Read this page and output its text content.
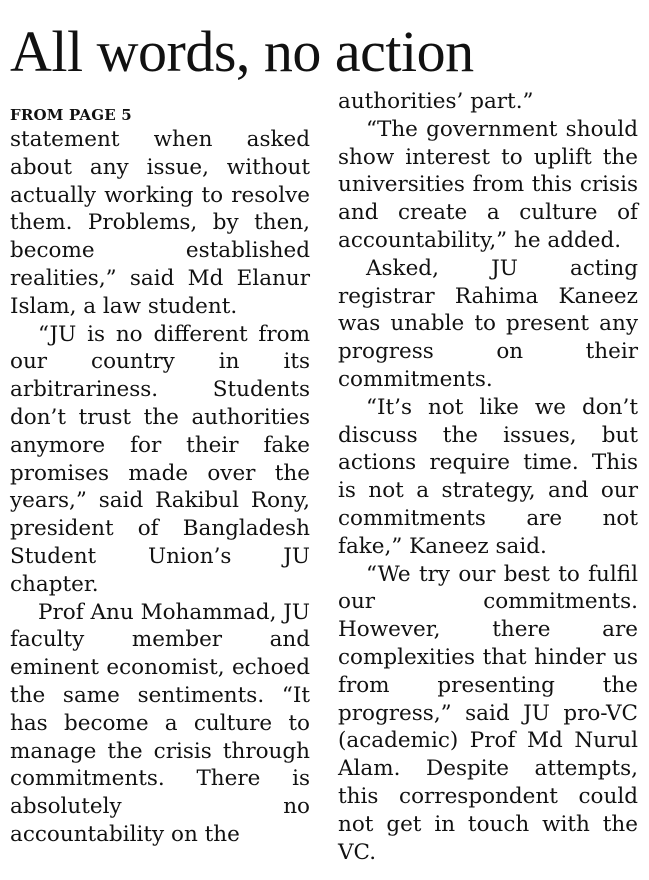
All words, no action
FROM PAGE 5

statement when asked about any issue, without actually working to resolve them. Problems, by then, become established realities,” said Md Elanur Islam, a law student.

“JU is no different from our country in its arbitrariness. Students don’t trust the authorities anymore for their fake promises made over the years,” said Rakibul Rony, president of Bangladesh Student Union’s JU chapter.

Prof Anu Mohammad, JU faculty member and eminent economist, echoed the same sentiments. “It has become a culture to manage the crisis through commitments. There is absolutely no accountability on the

authorities’ part.”

“The government should show interest to uplift the universities from this crisis and create a culture of accountability,” he added.

Asked, JU acting registrar Rahima Kaneez was unable to present any progress on their commitments.

“It’s not like we don’t discuss the issues, but actions require time. This is not a strategy, and our commitments are not fake,” Kaneez said.

“We try our best to fulfil our commitments. However, there are complexities that hinder us from presenting the progress,” said JU pro-VC (academic) Prof Md Nurul Alam. Despite attempts, this correspondent could not get in touch with the VC.
